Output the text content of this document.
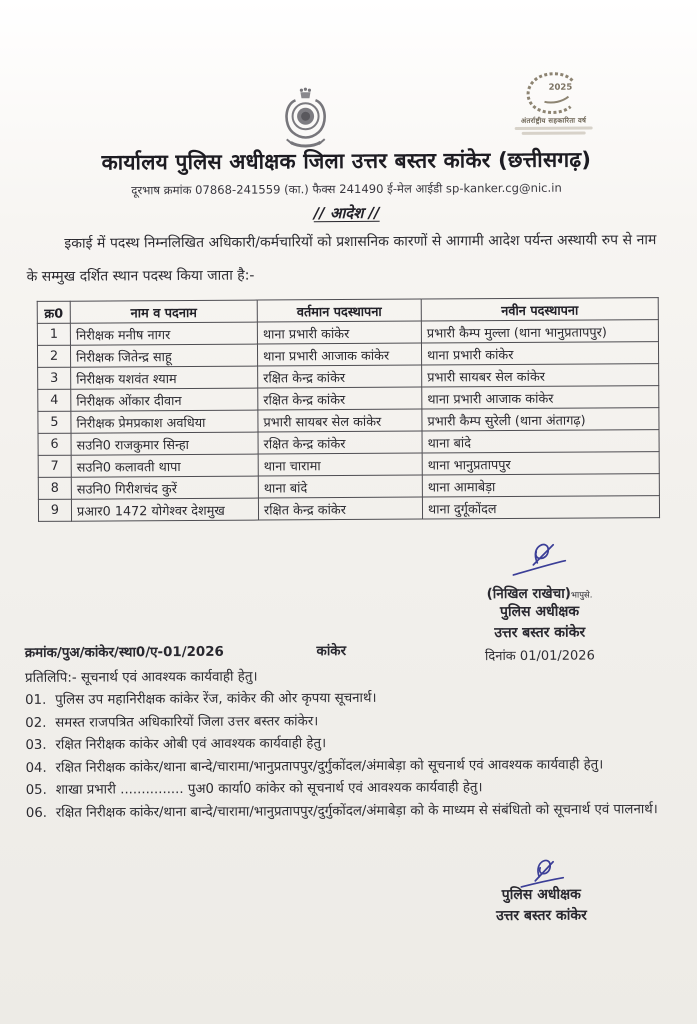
2025
अंतर्राष्ट्रीय सहकारिता वर्ष
कार्यालय पुलिस अधीक्षक जिला उत्तर बस्तर कांकेर (छत्तीसगढ़)
दूरभाष क्रमांक 07868-241559 (का.) फैक्स 241490 ई-मेल आईडी sp-kanker.cg@nic.in
// आदेश //
इकाई में पदस्थ निम्नलिखित अधिकारी/कर्मचारियों को प्रशासनिक कारणों से आगामी आदेश पर्यन्त अस्थायी रुप से नाम के सम्मुख दर्शित स्थान पदस्थ किया जाता है:-
क्र0	नाम व पदनाम	वर्तमान पदस्थापना	नवीन पदस्थापना
1	निरीक्षक मनीष नागर	थाना प्रभारी कांकेर	प्रभारी कैम्प मुल्ला (थाना भानुप्रतापपुर)
2	निरीक्षक जितेन्द्र साहू	थाना प्रभारी आजाक कांकेर	थाना प्रभारी कांकेर
3	निरीक्षक यशवंत श्याम	रक्षित केन्द्र कांकेर	प्रभारी सायबर सेल कांकेर
4	निरीक्षक ओंकार दीवान	रक्षित केन्द्र कांकेर	थाना प्रभारी आजाक कांकेर
5	निरीक्षक प्रेमप्रकाश अवधिया	प्रभारी सायबर सेल कांकेर	प्रभारी कैम्प सुरेली (थाना अंतागढ़)
6	सउनि0 राजकुमार सिन्हा	रक्षित केन्द्र कांकेर	थाना बांदे
7	सउनि0 कलावती थापा	थाना चारामा	थाना भानुप्रतापपुर
8	सउनि0 गिरीशचंद कुरें	थाना बांदे	थाना आमाबेड़ा
9	प्रआर0 1472 योगेश्वर देशमुख	रक्षित केन्द्र कांकेर	थाना दुर्गूकोंदल
(निखिल राखेचा)भापुसे.
पुलिस अधीक्षक
उत्तर बस्तर कांकेर
दिनांक 01/01/2026
क्रमांक/पुअ/कांकेर/स्था0/ए-01/2026	कांकेर
प्रतिलिपि:- सूचनार्थ एवं आवश्यक कार्यवाही हेतु।
01. पुलिस उप महानिरीक्षक कांकेर रेंज, कांकेर की ओर कृपया सूचनार्थ।
02. समस्त राजपत्रित अधिकारियों जिला उत्तर बस्तर कांकेर।
03. रक्षित निरीक्षक कांकेर ओबी एवं आवश्यक कार्यवाही हेतु।
04. रक्षित निरीक्षक कांकेर/थाना बान्दे/चारामा/भानुप्रतापपुर/दुर्गुकोंदल/अंमाबेड़ा को सूचनार्थ एवं आवश्यक कार्यवाही हेतु।
05. शाखा प्रभारी ............... पुअ0 कार्या0 कांकेर को सूचनार्थ एवं आवश्यक कार्यवाही हेतु।
06. रक्षित निरीक्षक कांकेर/थाना बान्दे/चारामा/भानुप्रतापपुर/दुर्गुकोंदल/अंमाबेड़ा को के माध्यम से संबंधितो को सूचनार्थ एवं पालनार्थ।
पुलिस अधीक्षक
उत्तर बस्तर कांकेर
